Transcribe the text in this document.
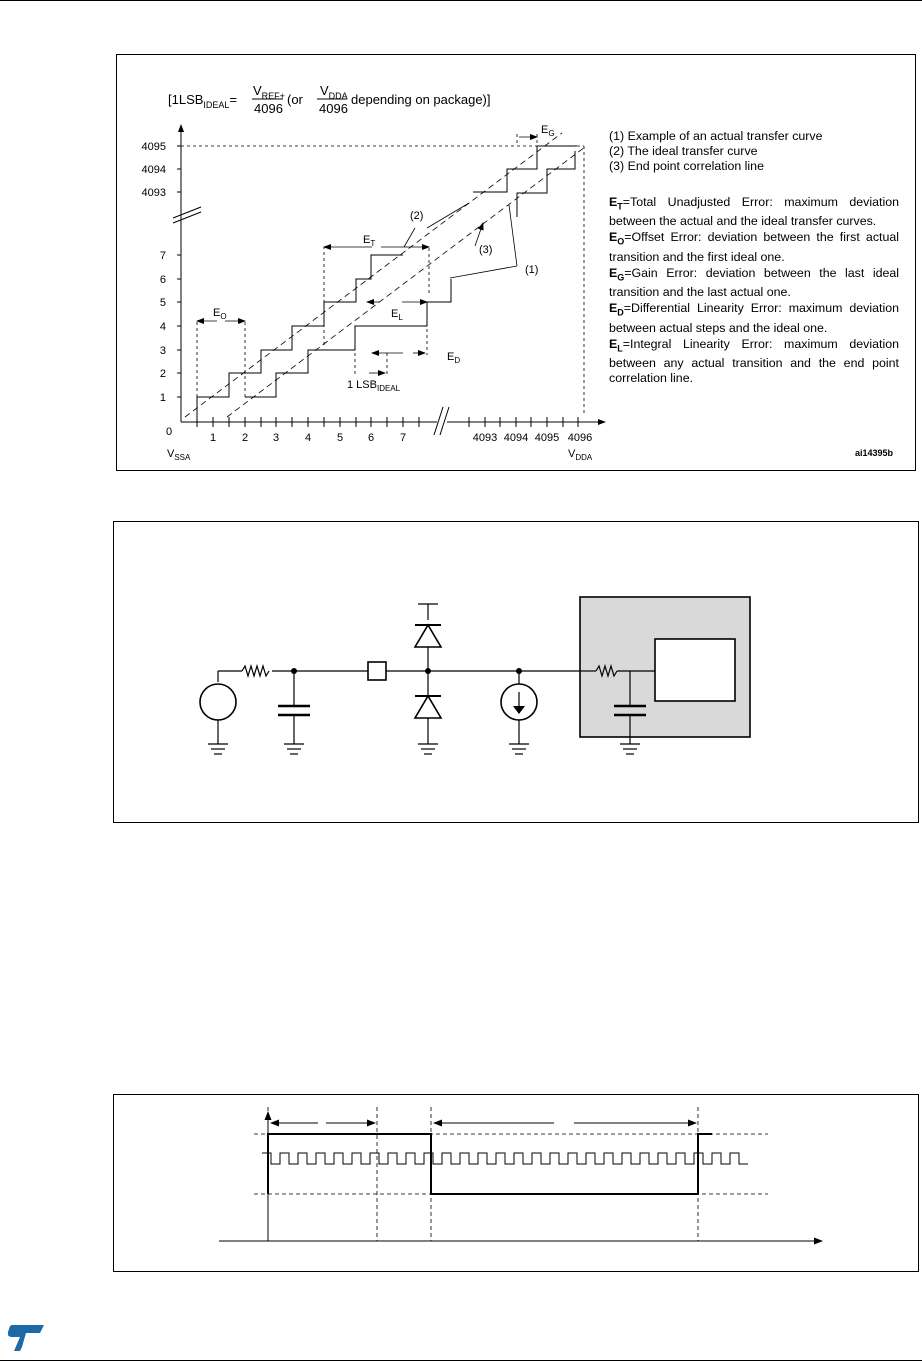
[$1LSB_{IDEAL}=$
$V_{REF+}$
4096
(or
$V_{DDA}$
4096
depending on package)]
1
2
3
4
5
6
7
4093
4094
4095
0	1 2 3 4 5 6 7	4093 4094 4095 4096
$V_{SSA}$	$V_{DDA}$
(2)
(3)
(1)
$E_T$
$E_O$	$E_L$
$E_D$
$E_G$
1 $LSB_{IDEAL}$

(1) Example of an actual transfer curve

(2) The ideal transfer curve

(3) End point correlation line

$E_T=Total$ Unadjusted Error: maximum deviation between the actual and the ideal transfer curves.

$E_O=Offset$ Error: deviation between the first actual transition and the first ideal one.

$E_G=Gain$ Error: deviation between the last ideal transition and the last actual one.

$E_D=Differential$ Linearity Error: maximum deviation between actual steps and the ideal one.

$E_L=Integral$ Linearity Error: maximum deviation between any actual transition and the end point correlation line.

ai14395b
